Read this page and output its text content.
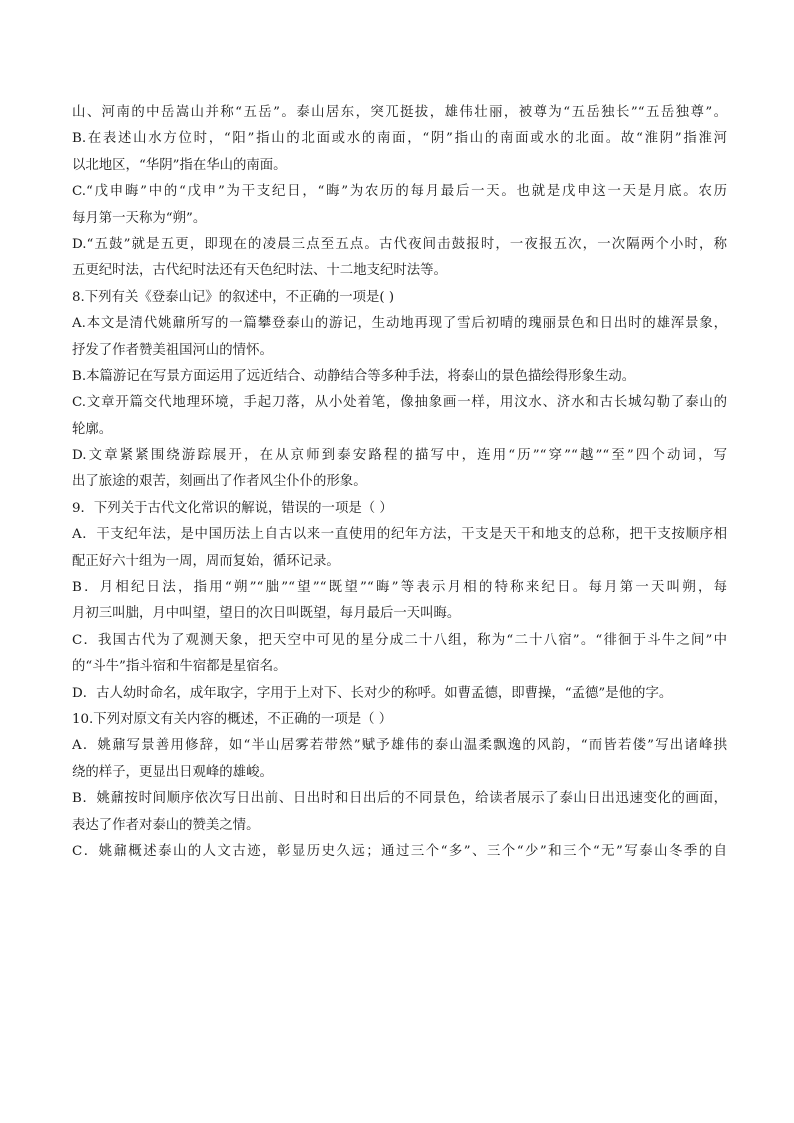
山、河南的中岳嵩山并称“五岳”。泰山居东，突兀挺拔，雄伟壮丽，被尊为“五岳独长”“五岳独尊”。
B.在表述山水方位时，“阳”指山的北面或水的南面，“阴”指山的南面或水的北面。故“淮阴”指淮河
以北地区，“华阴”指在华山的南面。
C.“戊申晦”中的“戊申”为干支纪日，“晦”为农历的每月最后一天。也就是戊申这一天是月底。农历
每月第一天称为“朔”。
D.“五鼓”就是五更，即现在的凌晨三点至五点。古代夜间击鼓报时，一夜报五次，一次隔两个小时，称
五更纪时法，古代纪时法还有天色纪时法、十二地支纪时法等。
8.下列有关《登泰山记》的叙述中，不正确的一项是( )
A.本文是清代姚鼐所写的一篇攀登泰山的游记，生动地再现了雪后初晴的瑰丽景色和日出时的雄浑景象，
抒发了作者赞美祖国河山的情怀。
B.本篇游记在写景方面运用了远近结合、动静结合等多种手法，将泰山的景色描绘得形象生动。
C.文章开篇交代地理环境，手起刀落，从小处着笔，像抽象画一样，用汶水、济水和古长城勾勒了泰山的
轮廓。
D.文章紧紧围绕游踪展开，在从京师到泰安路程的描写中，连用“历”“穿”“越”“至”四个动词，写
出了旅途的艰苦，刻画出了作者风尘仆仆的形象。
9．下列关于古代文化常识的解说，错误的一项是（ ）
A．干支纪年法，是中国历法上自古以来一直使用的纪年方法，干支是天干和地支的总称，把干支按顺序相
配正好六十组为一周，周而复始，循环记录。
B．月相纪日法，指用“朔”“朏”“望”“既望”“晦”等表示月相的特称来纪日。每月第一天叫朔，每
月初三叫朏，月中叫望，望日的次日叫既望，每月最后一天叫晦。
C．我国古代为了观测天象，把天空中可见的星分成二十八组，称为“二十八宿”。“徘徊于斗牛之间”中
的“斗牛”指斗宿和牛宿都是星宿名。
D．古人幼时命名，成年取字，字用于上对下、长对少的称呼。如曹孟德，即曹操，“孟德”是他的字。
10.下列对原文有关内容的概述，不正确的一项是（ ）
A．姚鼐写景善用修辞，如“半山居雾若带然”赋予雄伟的泰山温柔飘逸的风韵，“而皆若偻”写出诸峰拱
绕的样子，更显出日观峰的雄峻。
B．姚鼐按时间顺序依次写日出前、日出时和日出后的不同景色，给读者展示了泰山日出迅速变化的画面，
表达了作者对泰山的赞美之情。
C．姚鼐概述泰山的人文古迹，彰显历史久远；通过三个“多”、三个“少”和三个“无”写泰山冬季的自
